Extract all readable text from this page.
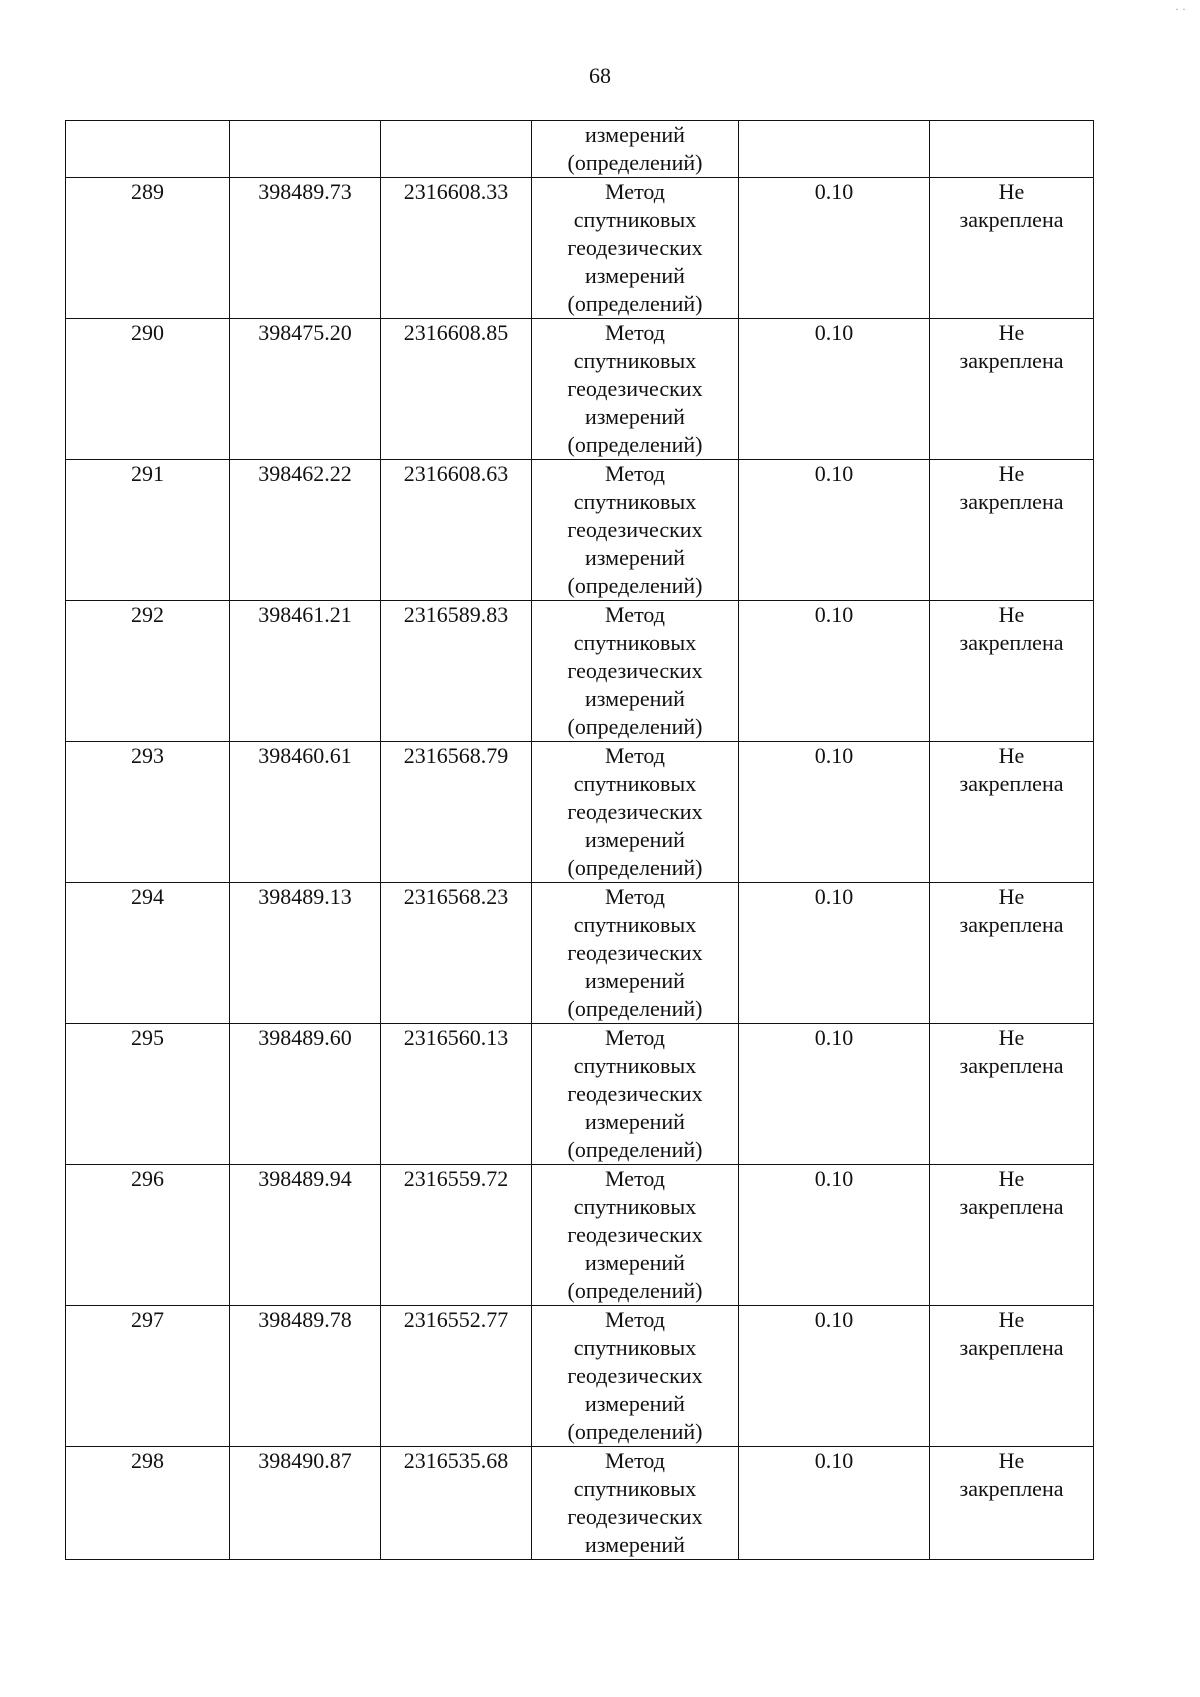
68

			измерений
(определений)		

289	398489.73	2316608.33	Метод
спутниковых
геодезических
измерений
(определений)	0.10	Не
закреплена

290	398475.20	2316608.85	Метод
спутниковых
геодезических
измерений
(определений)	0.10	Не
закреплена

291	398462.22	2316608.63	Метод
спутниковых
геодезических
измерений
(определений)	0.10	Не
закреплена

292	398461.21	2316589.83	Метод
спутниковых
геодезических
измерений
(определений)	0.10	Не
закреплена

293	398460.61	2316568.79	Метод
спутниковых
геодезических
измерений
(определений)	0.10	Не
закреплена

294	398489.13	2316568.23	Метод
спутниковых
геодезических
измерений
(определений)	0.10	Не
закреплена

295	398489.60	2316560.13	Метод
спутниковых
геодезических
измерений
(определений)	0.10	Не
закреплена

296	398489.94	2316559.72	Метод
спутниковых
геодезических
измерений
(определений)	0.10	Не
закреплена

297	398489.78	2316552.77	Метод
спутниковых
геодезических
измерений
(определений)	0.10	Не
закреплена

298	398490.87	2316535.68	Метод
спутниковых
геодезических
измерений	0.10	Не
закреплена
· ·
